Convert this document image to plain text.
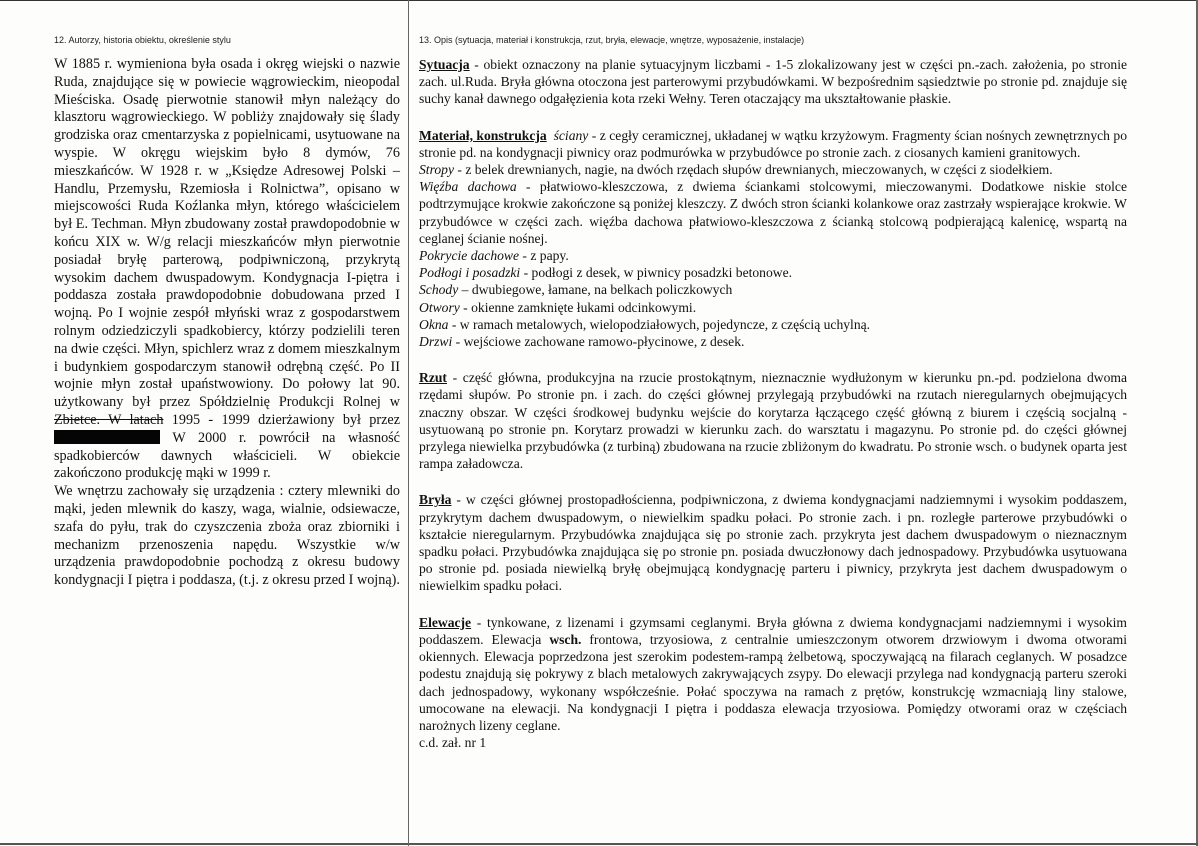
12. Autorzy, historia obiektu, określenie stylu

W 1885 r. wymieniona była osada i okręg wiejski o nazwie Ruda, znajdujące się w powiecie wągrowieckim, nieopodal Mieściska. Osadę pierwotnie stanowił młyn należący do klasztoru wągrowieckiego. W pobliży znajdowały się ślady grodziska oraz cmentarzyska z popielnicami, usytuowane na wyspie. W okręgu wiejskim było 8 dymów, 76 mieszkańców. W 1928 r. w „Księdze Adresowej Polski – Handlu, Przemysłu, Rzemiosła i Rolnictwa”, opisano w miejscowości Ruda Koźlanka młyn, którego właścicielem był E. Techman. Młyn zbudowany został prawdopodobnie w końcu XIX w. W/g relacji mieszkańców młyn pierwotnie posiadał bryłę parterową, podpiwniczoną, przykrytą wysokim dachem dwuspadowym. Kondygnacja I-piętra i poddasza została prawdopodobnie dobudowana przed I wojną. Po I wojnie zespół młyński wraz z gospodarstwem rolnym odziedziczyli spadkobiercy, którzy podzielili teren na dwie części. Młyn, spichlerz wraz z domem mieszkalnym i budynkiem gospodarczym stanowił odrębną część. Po II wojnie młyn został upaństwowiony. Do połowy lat 90. użytkowany był przez Spółdzielnię Produkcji Rolnej w Zbietce. W latach 1995 - 1999 dzierżawiony był przez  W 2000 r. powrócił na własność spadkobierców dawnych właścicieli. W obiekcie zakończono produkcję mąki w 1999 r.

We wnętrzu zachowały się urządzenia : cztery mlewniki do mąki, jeden mlewnik do kaszy, waga, wialnie, odsiewacze, szafa do pyłu, trak do czyszczenia zboża oraz zbiorniki i mechanizm przenoszenia napędu. Wszystkie w/w urządzenia prawdopodobnie pochodzą z okresu budowy kondygnacji I piętra i poddasza, (t.j. z okresu przed I wojną).

13. Opis (sytuacja, materiał i konstrukcja, rzut, bryła, elewacje, wnętrze, wyposażenie, instalacje)

Sytuacja - obiekt oznaczony na planie sytuacyjnym liczbami - 1-5 zlokalizowany jest w części pn.-zach. założenia, po stronie zach. ul.Ruda. Bryła główna otoczona jest parterowymi przybudówkami. W bezpośrednim sąsiedztwie po stronie pd. znajduje się suchy kanał dawnego odgałęzienia kota rzeki Wełny. Teren otaczający ma ukształtowanie płaskie.

Materiał, konstrukcja ściany - z cegły ceramicznej, układanej w wątku krzyżowym. Fragmenty ścian nośnych zewnętrznych po stronie pd. na kondygnacji piwnicy oraz podmurówka w przybudówce po stronie zach. z ciosanych kamieni granitowych.

Stropy - z belek drewnianych, nagie, na dwóch rzędach słupów drewnianych, mieczowanych, w części z siodełkiem.

Więźba dachowa - płatwiowo-kleszczowa, z dwiema ściankami stolcowymi, mieczowanymi. Dodatkowe niskie stolce podtrzymujące krokwie zakończone są poniżej kleszczy. Z dwóch stron ścianki kolankowe oraz zastrzały wspierające krokwie. W przybudówce w części zach. więźba dachowa płatwiowo-kleszczowa z ścianką stolcową podpierającą kalenicę, wspartą na ceglanej ścianie nośnej.

Pokrycie dachowe - z papy.

Podłogi i posadzki - podłogi z desek, w piwnicy posadzki betonowe.

Schody – dwubiegowe, łamane, na belkach policzkowych

Otwory - okienne zamknięte łukami odcinkowymi.

Okna - w ramach metalowych, wielopodziałowych, pojedyncze, z częścią uchylną.

Drzwi - wejściowe zachowane ramowo-płycinowe, z desek.

Rzut - część główna, produkcyjna na rzucie prostokątnym, nieznacznie wydłużonym w kierunku pn.-pd. podzielona dwoma rzędami słupów. Po stronie pn. i zach. do części głównej przylegają przybudówki na rzutach nieregularnych obejmujących znaczny obszar. W części środkowej budynku wejście do korytarza łączącego część główną z biurem i częścią socjalną - usytuowaną po stronie pn. Korytarz prowadzi w kierunku zach. do warsztatu i magazynu. Po stronie pd. do części głównej przylega niewielka przybudówka (z turbiną) zbudowana na rzucie zbliżonym do kwadratu. Po stronie wsch. o budynek oparta jest rampa załadowcza.

Bryła - w części głównej prostopadłościenna, podpiwniczona, z dwiema kondygnacjami nadziemnymi i wysokim poddaszem, przykrytym dachem dwuspadowym, o niewielkim spadku połaci. Po stronie zach. i pn. rozległe parterowe przybudówki o kształcie nieregularnym. Przybudówka znajdująca się po stronie zach. przykryta jest dachem dwuspadowym o nieznacznym spadku połaci. Przybudówka znajdująca się po stronie pn. posiada dwuczłonowy dach jednospadowy. Przybudówka usytuowana po stronie pd. posiada niewielką bryłę obejmującą kondygnację parteru i piwnicy, przykryta jest dachem dwuspadowym o niewielkim spadku połaci.

Elewacje - tynkowane, z lizenami i gzymsami ceglanymi. Bryła główna z dwiema kondygnacjami nadziemnymi i wysokim poddaszem. Elewacja wsch. frontowa, trzyosiowa, z centralnie umieszczonym otworem drzwiowym i dwoma otworami okiennych. Elewacja poprzedzona jest szerokim podestem-rampą żelbetową, spoczywającą na filarach ceglanych. W posadzce podestu znajdują się pokrywy z blach metalowych zakrywających zsypy. Do elewacji przylega nad kondygnacją parteru szeroki dach jednospadowy, wykonany współcześnie. Połać spoczywa na ramach z prętów, konstrukcję wzmacniają liny stalowe, umocowane na elewacji. Na kondygnacji I piętra i poddasza elewacja trzyosiowa. Pomiędzy otworami oraz w częściach narożnych lizeny ceglane.

c.d. zał. nr 1
